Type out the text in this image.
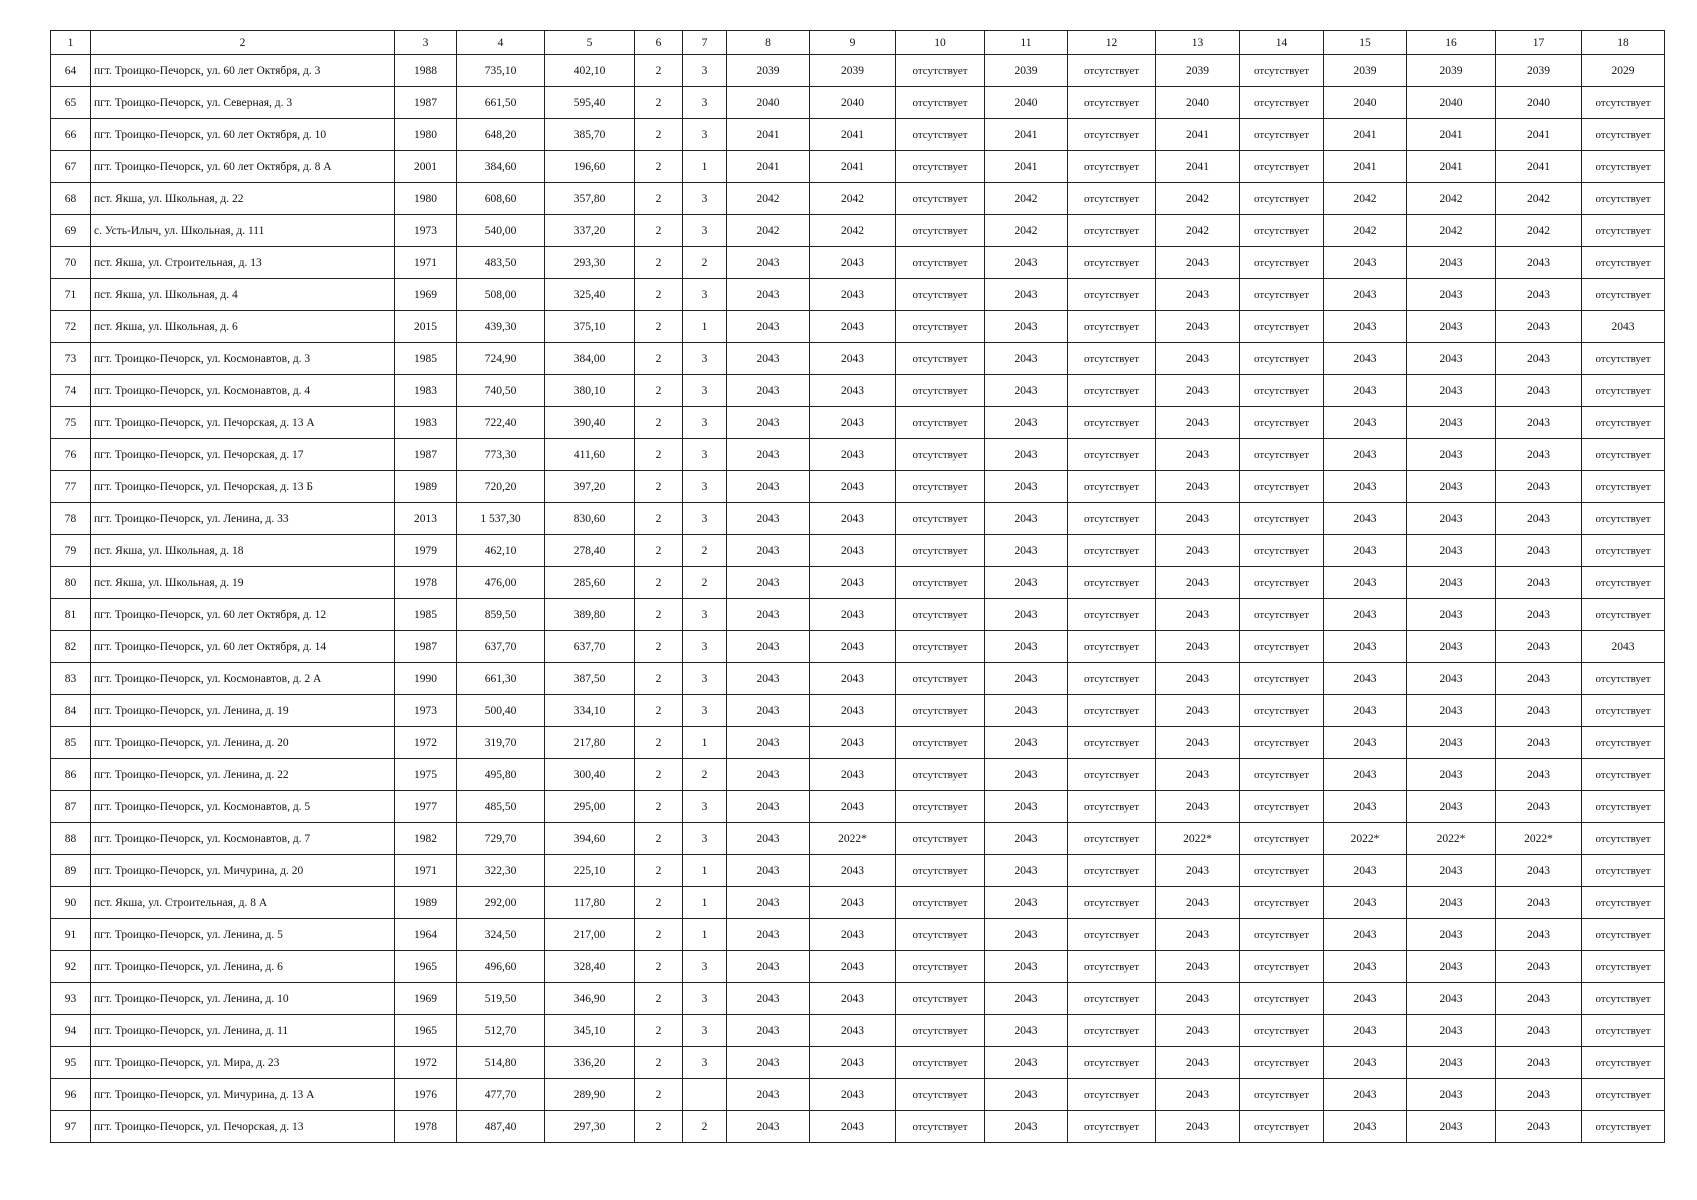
1	2	3	4	5	6	7	8	9	10	11	12	13	14	15	16	17	18
64	пгт. Троицко-Печорск, ул. 60 лет Октября, д. 3	1988	735,10	402,10	2	3	2039	2039	отсутствует	2039	отсутствует	2039	отсутствует	2039	2039	2039	2029
65	пгт. Троицко-Печорск, ул. Северная, д. 3	1987	661,50	595,40	2	3	2040	2040	отсутствует	2040	отсутствует	2040	отсутствует	2040	2040	2040	отсутствует
66	пгт. Троицко-Печорск, ул. 60 лет Октября, д. 10	1980	648,20	385,70	2	3	2041	2041	отсутствует	2041	отсутствует	2041	отсутствует	2041	2041	2041	отсутствует
67	пгт. Троицко-Печорск, ул. 60 лет Октября, д. 8 А	2001	384,60	196,60	2	1	2041	2041	отсутствует	2041	отсутствует	2041	отсутствует	2041	2041	2041	отсутствует
68	пст. Якша, ул. Школьная, д. 22	1980	608,60	357,80	2	3	2042	2042	отсутствует	2042	отсутствует	2042	отсутствует	2042	2042	2042	отсутствует
69	с. Усть-Илыч, ул. Школьная, д. 111	1973	540,00	337,20	2	3	2042	2042	отсутствует	2042	отсутствует	2042	отсутствует	2042	2042	2042	отсутствует
70	пст. Якша, ул. Строительная, д. 13	1971	483,50	293,30	2	2	2043	2043	отсутствует	2043	отсутствует	2043	отсутствует	2043	2043	2043	отсутствует
71	пст. Якша, ул. Школьная, д. 4	1969	508,00	325,40	2	3	2043	2043	отсутствует	2043	отсутствует	2043	отсутствует	2043	2043	2043	отсутствует
72	пст. Якша, ул. Школьная, д. 6	2015	439,30	375,10	2	1	2043	2043	отсутствует	2043	отсутствует	2043	отсутствует	2043	2043	2043	2043
73	пгт. Троицко-Печорск, ул. Космонавтов, д. 3	1985	724,90	384,00	2	3	2043	2043	отсутствует	2043	отсутствует	2043	отсутствует	2043	2043	2043	отсутствует
74	пгт. Троицко-Печорск, ул. Космонавтов, д. 4	1983	740,50	380,10	2	3	2043	2043	отсутствует	2043	отсутствует	2043	отсутствует	2043	2043	2043	отсутствует
75	пгт. Троицко-Печорск, ул. Печорская, д. 13 А	1983	722,40	390,40	2	3	2043	2043	отсутствует	2043	отсутствует	2043	отсутствует	2043	2043	2043	отсутствует
76	пгт. Троицко-Печорск, ул. Печорская, д. 17	1987	773,30	411,60	2	3	2043	2043	отсутствует	2043	отсутствует	2043	отсутствует	2043	2043	2043	отсутствует
77	пгт. Троицко-Печорск, ул. Печорская, д. 13 Б	1989	720,20	397,20	2	3	2043	2043	отсутствует	2043	отсутствует	2043	отсутствует	2043	2043	2043	отсутствует
78	пгт. Троицко-Печорск, ул. Ленина, д. 33	2013	1 537,30	830,60	2	3	2043	2043	отсутствует	2043	отсутствует	2043	отсутствует	2043	2043	2043	отсутствует
79	пст. Якша, ул. Школьная, д. 18	1979	462,10	278,40	2	2	2043	2043	отсутствует	2043	отсутствует	2043	отсутствует	2043	2043	2043	отсутствует
80	пст. Якша, ул. Школьная, д. 19	1978	476,00	285,60	2	2	2043	2043	отсутствует	2043	отсутствует	2043	отсутствует	2043	2043	2043	отсутствует
81	пгт. Троицко-Печорск, ул. 60 лет Октября, д. 12	1985	859,50	389,80	2	3	2043	2043	отсутствует	2043	отсутствует	2043	отсутствует	2043	2043	2043	отсутствует
82	пгт. Троицко-Печорск, ул. 60 лет Октября, д. 14	1987	637,70	637,70	2	3	2043	2043	отсутствует	2043	отсутствует	2043	отсутствует	2043	2043	2043	2043
83	пгт. Троицко-Печорск, ул. Космонавтов, д. 2 А	1990	661,30	387,50	2	3	2043	2043	отсутствует	2043	отсутствует	2043	отсутствует	2043	2043	2043	отсутствует
84	пгт. Троицко-Печорск, ул. Ленина, д. 19	1973	500,40	334,10	2	3	2043	2043	отсутствует	2043	отсутствует	2043	отсутствует	2043	2043	2043	отсутствует
85	пгт. Троицко-Печорск, ул. Ленина, д. 20	1972	319,70	217,80	2	1	2043	2043	отсутствует	2043	отсутствует	2043	отсутствует	2043	2043	2043	отсутствует
86	пгт. Троицко-Печорск, ул. Ленина, д. 22	1975	495,80	300,40	2	2	2043	2043	отсутствует	2043	отсутствует	2043	отсутствует	2043	2043	2043	отсутствует
87	пгт. Троицко-Печорск, ул. Космонавтов, д. 5	1977	485,50	295,00	2	3	2043	2043	отсутствует	2043	отсутствует	2043	отсутствует	2043	2043	2043	отсутствует
88	пгт. Троицко-Печорск, ул. Космонавтов, д. 7	1982	729,70	394,60	2	3	2043	2022*	отсутствует	2043	отсутствует	2022*	отсутствует	2022*	2022*	2022*	отсутствует
89	пгт. Троицко-Печорск, ул. Мичурина, д. 20	1971	322,30	225,10	2	1	2043	2043	отсутствует	2043	отсутствует	2043	отсутствует	2043	2043	2043	отсутствует
90	пст. Якша, ул. Строительная, д. 8 А	1989	292,00	117,80	2	1	2043	2043	отсутствует	2043	отсутствует	2043	отсутствует	2043	2043	2043	отсутствует
91	пгт. Троицко-Печорск, ул. Ленина, д. 5	1964	324,50	217,00	2	1	2043	2043	отсутствует	2043	отсутствует	2043	отсутствует	2043	2043	2043	отсутствует
92	пгт. Троицко-Печорск, ул. Ленина, д. 6	1965	496,60	328,40	2	3	2043	2043	отсутствует	2043	отсутствует	2043	отсутствует	2043	2043	2043	отсутствует
93	пгт. Троицко-Печорск, ул. Ленина, д. 10	1969	519,50	346,90	2	3	2043	2043	отсутствует	2043	отсутствует	2043	отсутствует	2043	2043	2043	отсутствует
94	пгт. Троицко-Печорск, ул. Ленина, д. 11	1965	512,70	345,10	2	3	2043	2043	отсутствует	2043	отсутствует	2043	отсутствует	2043	2043	2043	отсутствует
95	пгт. Троицко-Печорск, ул. Мира, д. 23	1972	514,80	336,20	2	3	2043	2043	отсутствует	2043	отсутствует	2043	отсутствует	2043	2043	2043	отсутствует
96	пгт. Троицко-Печорск, ул. Мичурина, д. 13 А	1976	477,70	289,90	2		2043	2043	отсутствует	2043	отсутствует	2043	отсутствует	2043	2043	2043	отсутствует
97	пгт. Троицко-Печорск, ул. Печорская, д. 13	1978	487,40	297,30	2	2	2043	2043	отсутствует	2043	отсутствует	2043	отсутствует	2043	2043	2043	отсутствует
